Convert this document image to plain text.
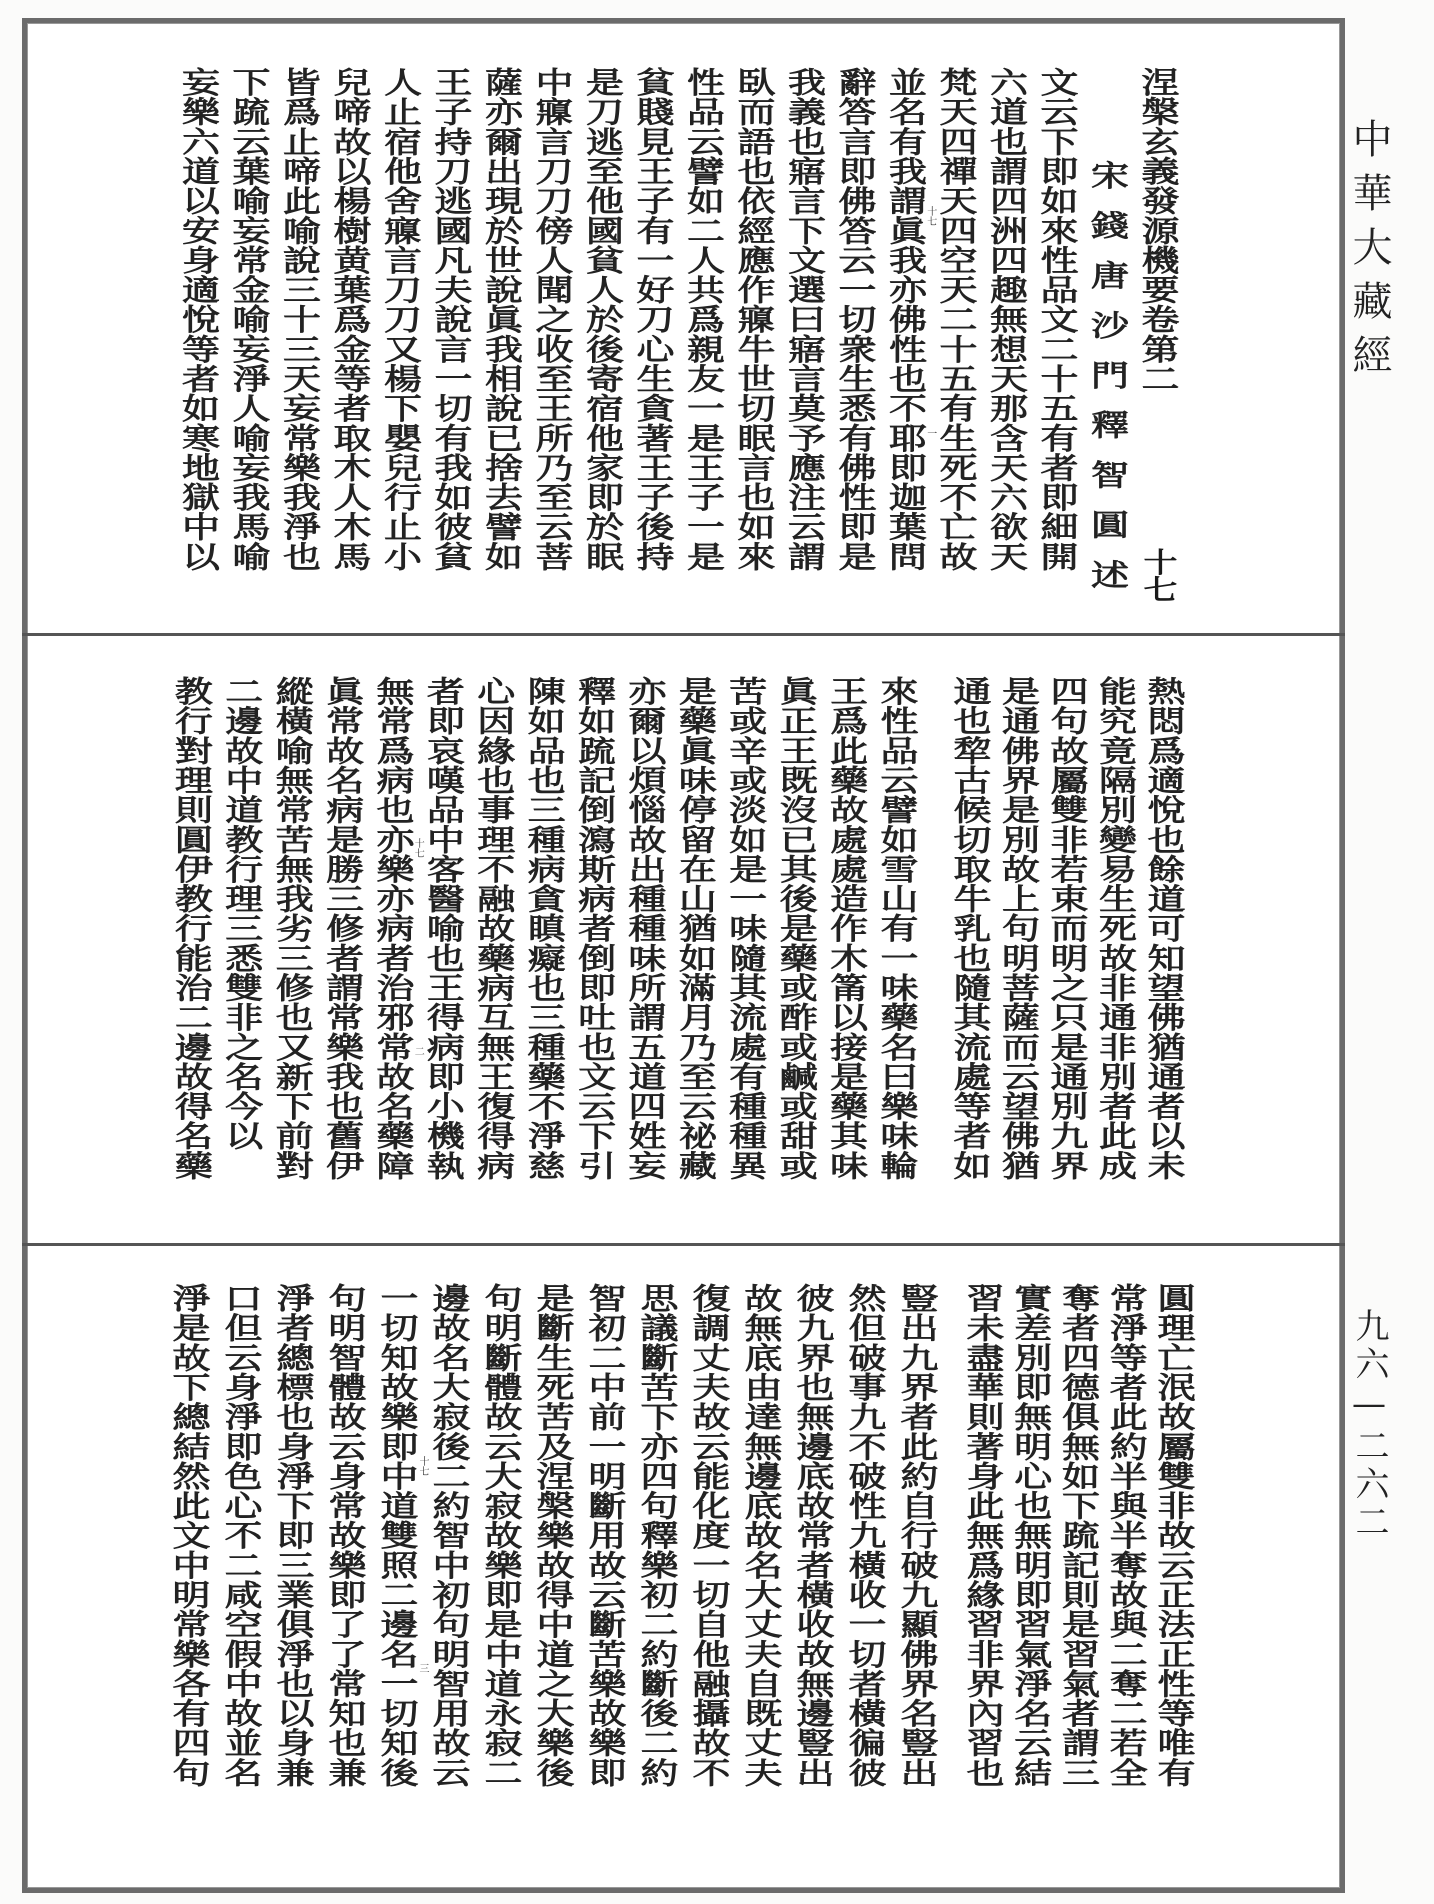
中華大藏經
九六—二六二
涅槃玄義發源機要卷第二
十七
宋錢唐沙門釋智圓述
文云下即如來性品文二十五有者即細開
六道也謂四洲四趣無想天那含天六欲天
梵天四禪天四空天二十五有生死不亡故
並名有我謂眞我亦佛性也不耶即迦葉問
辭答言即佛答云一切衆生悉有佛性即是
我義也寤言下文選曰寤言莫予應注云謂
臥而語也依經應作寱牛世切眠言也如來
性品云譬如二人共爲親友一是王子一是
貧賤見王子有一好刀心生貪著王子後持
是刀逃至他國貧人於後寄宿他家即於眠
中寱言刀刀傍人聞之收至王所乃至云菩
薩亦爾出現於世說眞我相說已捨去譬如
王子持刀逃國凡夫說言一切有我如彼貧
人止宿他舍寱言刀刀又楊下嬰兒行止小
兒啼故以楊樹黄葉爲金等者取木人木馬
皆爲止啼此喻說三十三天妄常樂我淨也
下䟽云葉喻妄常金喻妄淨人喻妄我馬喻
妄樂六道以安身適悅等者如寒地獄中以	十七
一
熱悶爲適悅也餘道可知望佛猶通者以未
能究竟隔別變易生死故非通非別者此成
四句故屬雙非若束而明之只是通別九界
是通佛界是別故上句明菩薩而云望佛猶
通也犂古候切取牛乳也隨其流處等者如
來性品云譬如雪山有一味藥名曰樂味輪
王爲此藥故處處造作木筩以接是藥其味
眞正王既沒已其後是藥或酢或鹹或甜或
苦或辛或淡如是一味隨其流處有種種異
是藥眞味停留在山猶如滿月乃至云祕藏
亦爾以煩惱故出種種味所謂五道四姓妄
釋如䟽記倒瀉斯病者倒即吐也文云下引
陳如品也三種病貪瞋癡也三種藥不淨慈
心因緣也事理不融故藥病互無王復得病
者即哀嘆品中客醫喻也王得病即小機執
無常爲病也亦樂亦病者治邪常故名藥障
眞常故名病是勝三修者謂常樂我也舊伊
縱橫喻無常苦無我劣三修也又新下前對
二邊故中道教行理三悉雙非之名今以
教行對理則圓伊教行能治二邊故得名藥	十七
二
圓理亡泯故屬雙非故云正法正性等唯有
常淨等者此約半與半奪故與二奪二若全
奪者四德俱無如下䟽記則是習氣者謂三
實差別即無明心也無明即習氣淨名云結
習未盡華則著身此無爲緣習非界內習也
豎出九界者此約自行破九顯佛界名豎出
然但破事九不破性九橫收一切者橫徧彼
彼九界也無邊底故常者橫收故無邊豎出
故無底由達無邊底故名大丈夫自既丈夫
復調丈夫故云能化度一切自他融攝故不
思議斷苦下亦四句釋樂初二約斷後二約
智初二中前一明斷用故云斷苦樂故樂即
是斷生死苦及涅槃樂故得中道之大樂後
句明斷體故云大寂故樂即是中道永寂二
邊故名大寂後二約智中初句明智用故云
一切知故樂即中道雙照二邊名一切知後
句明智體故云身常故樂即了了常知也兼
淨者總標也身淨下即三業俱淨也以身兼
口但云身淨即色心不二咸空假中故並名
淨是故下總結然此文中明常樂各有四句	十七
三
